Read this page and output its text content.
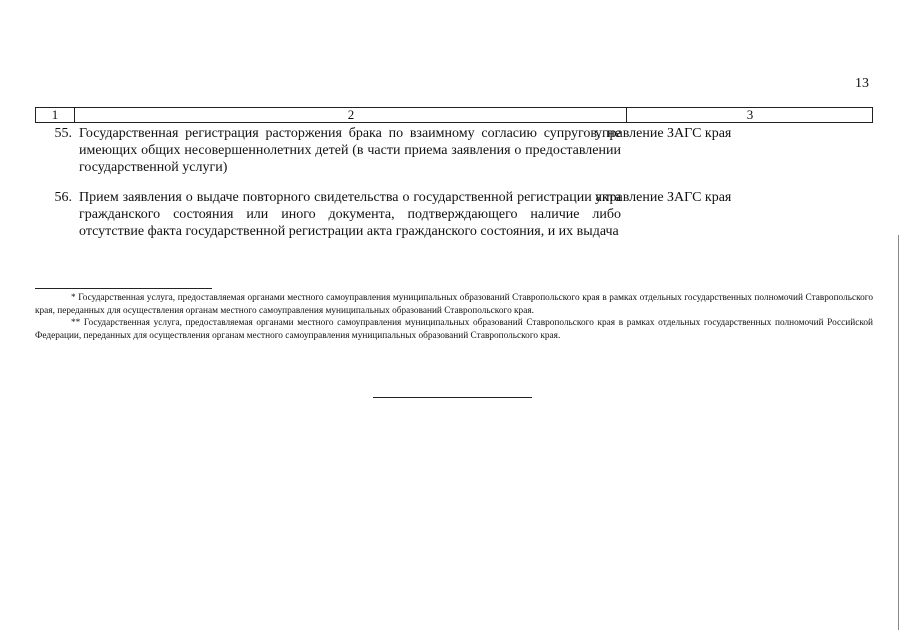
13
1	2	3
55. Государственная регистрация расторжения брака по взаимному согласию супругов, не имеющих общих несовершеннолетних детей (в части приема заявления о предоставлении государственной услуги)
управление ЗАГС края
56. Прием заявления о выдаче повторного свидетельства о государственной регистрации акта гражданского состояния или иного документа, подтверждающего наличие либо отсутствие факта государственной регистрации акта гражданского состояния, и их выдача
управление ЗАГС края

* Государственная услуга, предоставляемая органами местного самоуправления муниципальных образований Ставропольского края в рамках отдельных государственных полномочий Ставропольского края, переданных для осуществления органам местного самоуправления муниципальных образований Ставропольского края.

** Государственная услуга, предоставляемая органами местного самоуправления муниципальных образований Ставропольского края в рамках отдельных государственных полномочий Российской Федерации, переданных для осуществления органам местного самоуправления муниципальных образований Ставропольского края.
